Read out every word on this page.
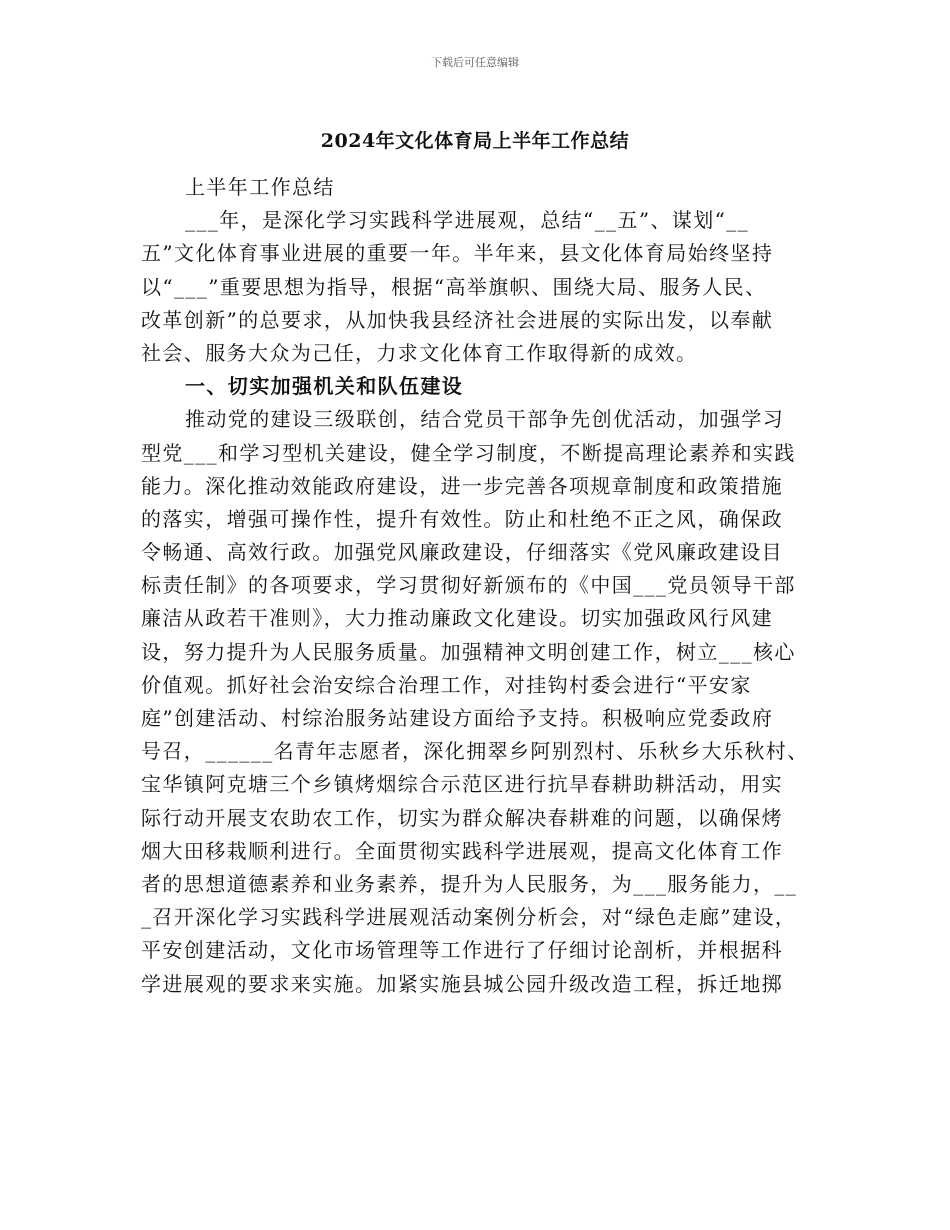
下载后可任意编辑
2024年文化体育局上半年工作总结
上半年工作总结
___年，是深化学习实践科学进展观，总结“__五”、谋划“__
五”文化体育事业进展的重要一年。半年来，县文化体育局始终坚持
以“___”重要思想为指导，根据“高举旗帜、围绕大局、服务人民、
改革创新”的总要求，从加快我县经济社会进展的实际出发，以奉献
社会、服务大众为己任，力求文化体育工作取得新的成效。
一、切实加强机关和队伍建设
推动党的建设三级联创，结合党员干部争先创优活动，加强学习
型党___和学习型机关建设，健全学习制度，不断提高理论素养和实践
能力。深化推动效能政府建设，进一步完善各项规章制度和政策措施
的落实，增强可操作性，提升有效性。防止和杜绝不正之风，确保政
令畅通、高效行政。加强党风廉政建设，仔细落实《党风廉政建设目
标责任制》的各项要求，学习贯彻好新颁布的《中国___党员领导干部
廉洁从政若干准则》，大力推动廉政文化建设。切实加强政风行风建
设，努力提升为人民服务质量。加强精神文明创建工作，树立___核心
价值观。抓好社会治安综合治理工作，对挂钩村委会进行“平安家
庭”创建活动、村综治服务站建设方面给予支持。积极响应党委政府
号召，______名青年志愿者，深化拥翠乡阿别烈村、乐秋乡大乐秋村、
宝华镇阿克塘三个乡镇烤烟综合示范区进行抗旱春耕助耕活动，用实
际行动开展支农助农工作，切实为群众解决春耕难的问题，以确保烤
烟大田移栽顺利进行。全面贯彻实践科学进展观，提高文化体育工作
者的思想道德素养和业务素养，提升为人民服务，为___服务能力，__
_召开深化学习实践科学进展观活动案例分析会，对“绿色走廊”建设，
平安创建活动，文化市场管理等工作进行了仔细讨论剖析，并根据科
学进展观的要求来实施。加紧实施县城公园升级改造工程，拆迁地掷
